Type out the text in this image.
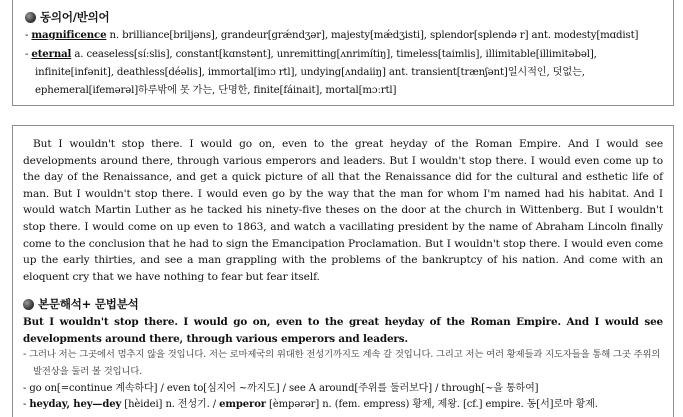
동의어/반의어
- magnificence n. brilliance[briljəns], grandeur[grǽndʒər], majesty[mǽdʒisti], splendor[splendə r] ant. modesty[mɑdist]
- eternal a. ceaseless[sí:slis], constant[kɑnstənt], unremitting[ʌnrimítiŋ], timeless[taimlis], illimitable[illimitəbəl], infinite[infənit], deathless[déəlis], immortal[imɔ rtl], undying[ʌndaiiŋ] ant. transient[trænʃənt]일시적인, 덧없는, ephemeral[ifemərəl]하루밖에 못 가는, 단명한, finite[fáinait], mortal[mɔːrtl]

But I wouldn't stop there. I would go on, even to the great heyday of the Roman Empire. And I would see developments around there, through various emperors and leaders. But I wouldn't stop there. I would even come up to the day of the Renaissance, and get a quick picture of all that the Renaissance did for the cultural and esthetic life of man. But I wouldn't stop there. I would even go by the way that the man for whom I'm named had his habitat. And I would watch Martin Luther as he tacked his ninety-five theses on the door at the church in Wittenberg. But I wouldn't stop there. I would come on up even to 1863, and watch a vacillating president by the name of Abraham Lincoln finally come to the conclusion that he had to sign the Emancipation Proclamation. But I wouldn't stop there. I would even come up the early thirties, and see a man grappling with the problems of the bankruptcy of his nation. And come with an eloquent cry that we have nothing to fear but fear itself.

본문해석+ 문법분석

But I wouldn't stop there. I would go on, even to the great heyday of the Roman Empire. And I would see developments around there, through various emperors and leaders.

- 그러나 저는 그곳에서 멈추지 않을 것입니다. 저는 로마제국의 위대한 전성기까지도 계속 갈 것입니다. 그리고 저는 여러 황제들과 지도자들을 통해 그곳 주위의 발전상을 둘러 볼 것입니다.

- go on[=continue 계속하다] / even to[심지어 ~까지도] / see A around[주위를 둘러보다] / through[~을 통하여]

- heyday, hey—dey [hèidei] n. 전성기. / emperor [èmpərər] n. (fem. empress) 황제, 제왕. [cf.] empire. 동[서]로마 황제.
